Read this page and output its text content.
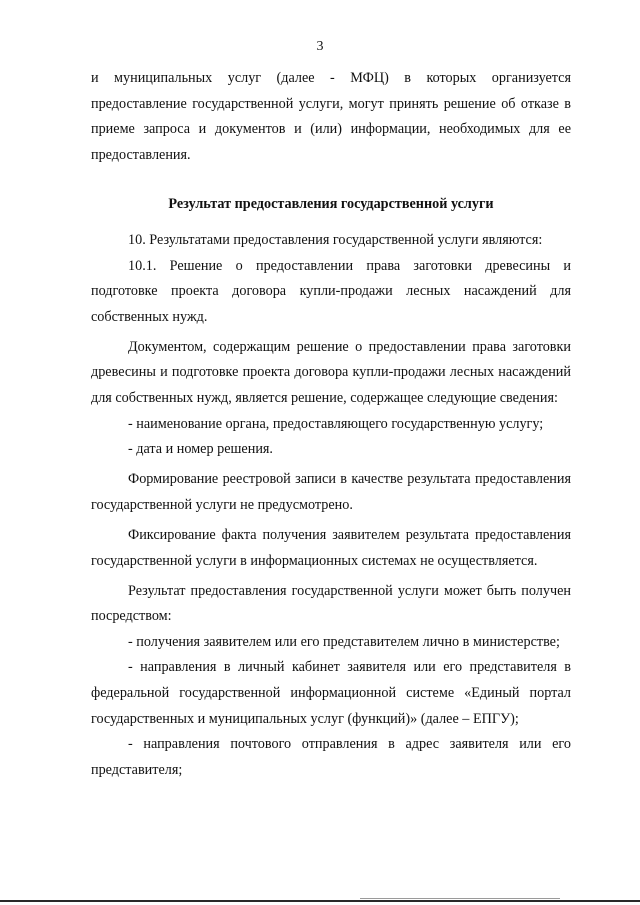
3

и муниципальных услуг (далее - МФЦ) в которых организуется предоставление государственной услуги, могут принять решение об отказе в приеме запроса и документов и (или) информации, необходимых для ее предоставления.

Результат предоставления государственной услуги

10. Результатами предоставления государственной услуги являются:

10.1. Решение о предоставлении права заготовки древесины и подготовке проекта договора купли-продажи лесных насаждений для собственных нужд.

Документом, содержащим решение о предоставлении права заготовки древесины и подготовке проекта договора купли-продажи лесных насаждений для собственных нужд, является решение, содержащее следующие сведения:

- наименование органа, предоставляющего государственную услугу;

- дата и номер решения.

Формирование реестровой записи в качестве результата предоставления государственной услуги не предусмотрено.

Фиксирование факта получения заявителем результата предоставления государственной услуги в информационных системах не осуществляется.

Результат предоставления государственной услуги может быть получен посредством:

- получения заявителем или его представителем лично в министерстве;

- направления в личный кабинет заявителя или его представителя в федеральной государственной информационной системе «Единый портал государственных и муниципальных услуг (функций)» (далее – ЕПГУ);

- направления почтового отправления в адрес заявителя или его представителя;
